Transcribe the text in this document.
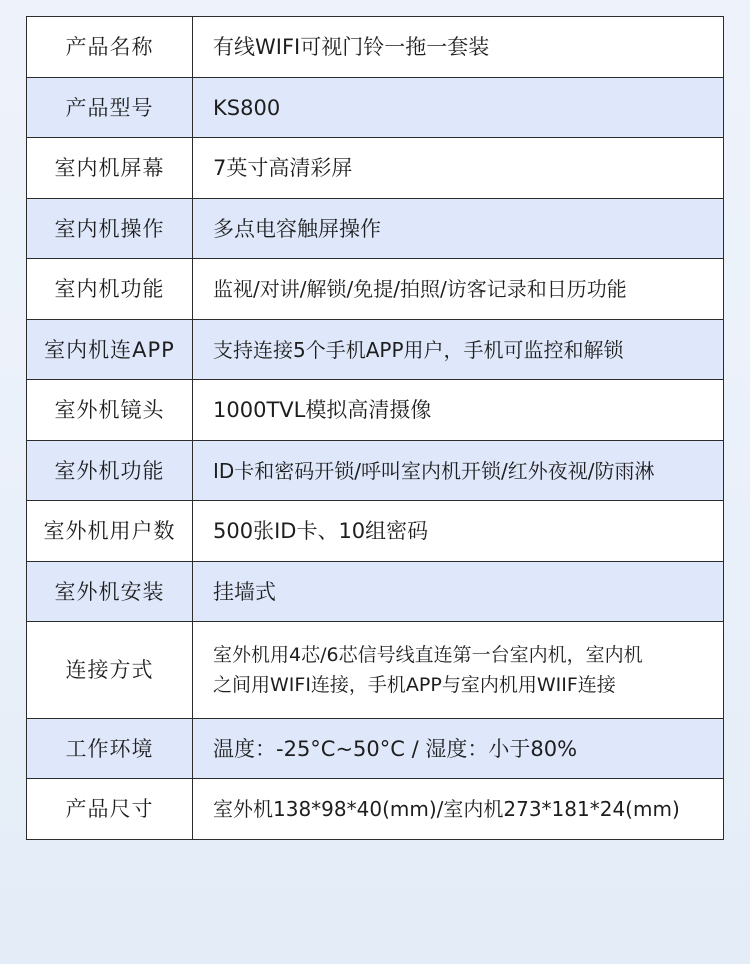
产品名称	有线WIFI可视门铃一拖一套装
产品型号	KS800
室内机屏幕	7英寸高清彩屏
室内机操作	多点电容触屏操作
室内机功能	监视/对讲/解锁/免提/拍照/访客记录和日历功能
室内机连APP	支持连接5个手机APP用户，手机可监控和解锁
室外机镜头	1000TVL模拟高清摄像
室外机功能	ID卡和密码开锁/呼叫室内机开锁/红外夜视/防雨淋
室外机用户数	500张ID卡、10组密码
室外机安装	挂墙式
连接方式	室外机用4芯/6芯信号线直连第一台室内机，室内机
之间用WIFI连接，手机APP与室内机用WIIF连接

工作环境	温度：-25°C~50°C / 湿度：小于80%
产品尺寸	室外机138*98*40(mm)/室内机273*181*24(mm)
